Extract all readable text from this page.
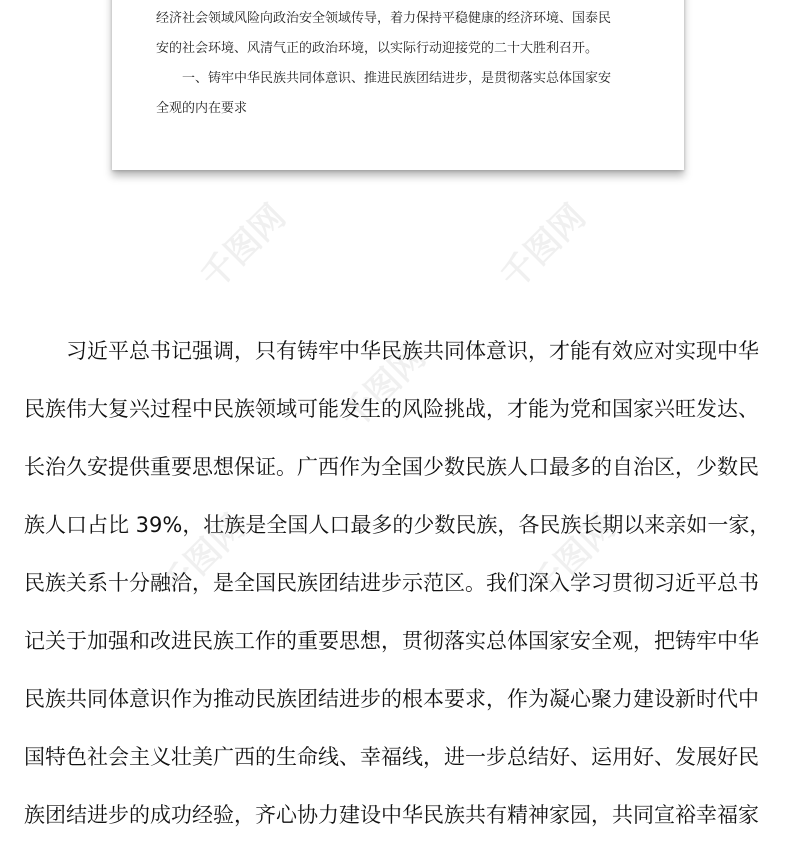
千图网	千图网
千图网
千图网	千图网
经济社会领域风险向政治安全领域传导，着力保持平稳健康的经济环境、国泰民
安的社会环境、风清气正的政治环境，以实际行动迎接党的二十大胜利召开。
一、铸牢中华民族共同体意识、推进民族团结进步，是贯彻落实总体国家安
全观的内在要求
习近平总书记强调，只有铸牢中华民族共同体意识，才能有效应对实现中华
民族伟大复兴过程中民族领域可能发生的风险挑战，才能为党和国家兴旺发达、
长治久安提供重要思想保证。广西作为全国少数民族人口最多的自治区，少数民
族人口占比 39%，壮族是全国人口最多的少数民族，各民族长期以来亲如一家，
民族关系十分融洽，是全国民族团结进步示范区。我们深入学习贯彻习近平总书
记关于加强和改进民族工作的重要思想，贯彻落实总体国家安全观，把铸牢中华
民族共同体意识作为推动民族团结进步的根本要求，作为凝心聚力建设新时代中
国特色社会主义壮美广西的生命线、幸福线，进一步总结好、运用好、发展好民
族团结进步的成功经验，齐心协力建设中华民族共有精神家园，共同宣裕幸福家
